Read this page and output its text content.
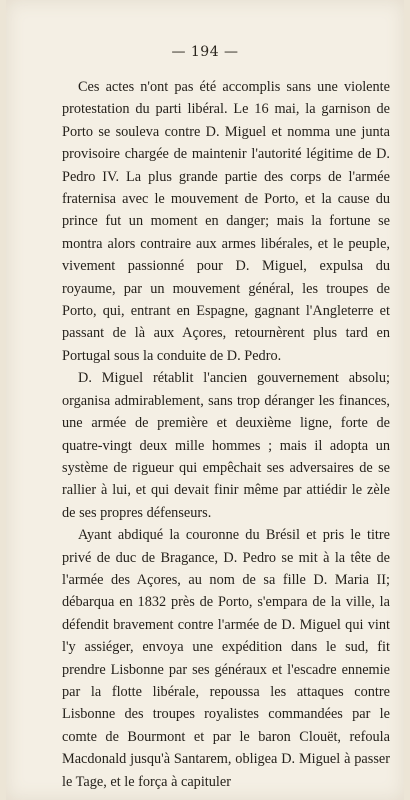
— 194 —

Ces actes n'ont pas été accomplis sans une violente protestation du parti libéral. Le 16 mai, la garnison de Porto se souleva contre D. Miguel et nomma une junta provisoire chargée de maintenir l'autorité légitime de D. Pedro IV. La plus grande partie des corps de l'armée fraternisa avec le mouvement de Porto, et la cause du prince fut un moment en danger; mais la fortune se montra alors contraire aux armes libérales, et le peuple, vivement passionné pour D. Miguel, expulsa du royaume, par un mouvement général, les troupes de Porto, qui, entrant en Espagne, gagnant l'Angleterre et passant de là aux Açores, retournèrent plus tard en Portugal sous la conduite de D. Pedro.

D. Miguel rétablit l'ancien gouvernement absolu; organisa admirablement, sans trop déranger les finances, une armée de première et deuxième ligne, forte de quatre-vingt deux mille hommes ; mais il adopta un système de rigueur qui empêchait ses adversaires de se rallier à lui, et qui devait finir même par attiédir le zèle de ses propres défenseurs.

Ayant abdiqué la couronne du Brésil et pris le titre privé de duc de Bragance, D. Pedro se mit à la tête de l'armée des Açores, au nom de sa fille D. Maria II; débarqua en 1832 près de Porto, s'empara de la ville, la défendit bravement contre l'armée de D. Miguel qui vint l'y assiéger, envoya une expédition dans le sud, fit prendre Lisbonne par ses généraux et l'escadre ennemie par la flotte libérale, repoussa les attaques contre Lisbonne des troupes royalistes commandées par le comte de Bourmont et par le baron Clouët, refoula Macdonald jusqu'à Santarem, obligea D. Miguel à passer le Tage, et le força à capituler
